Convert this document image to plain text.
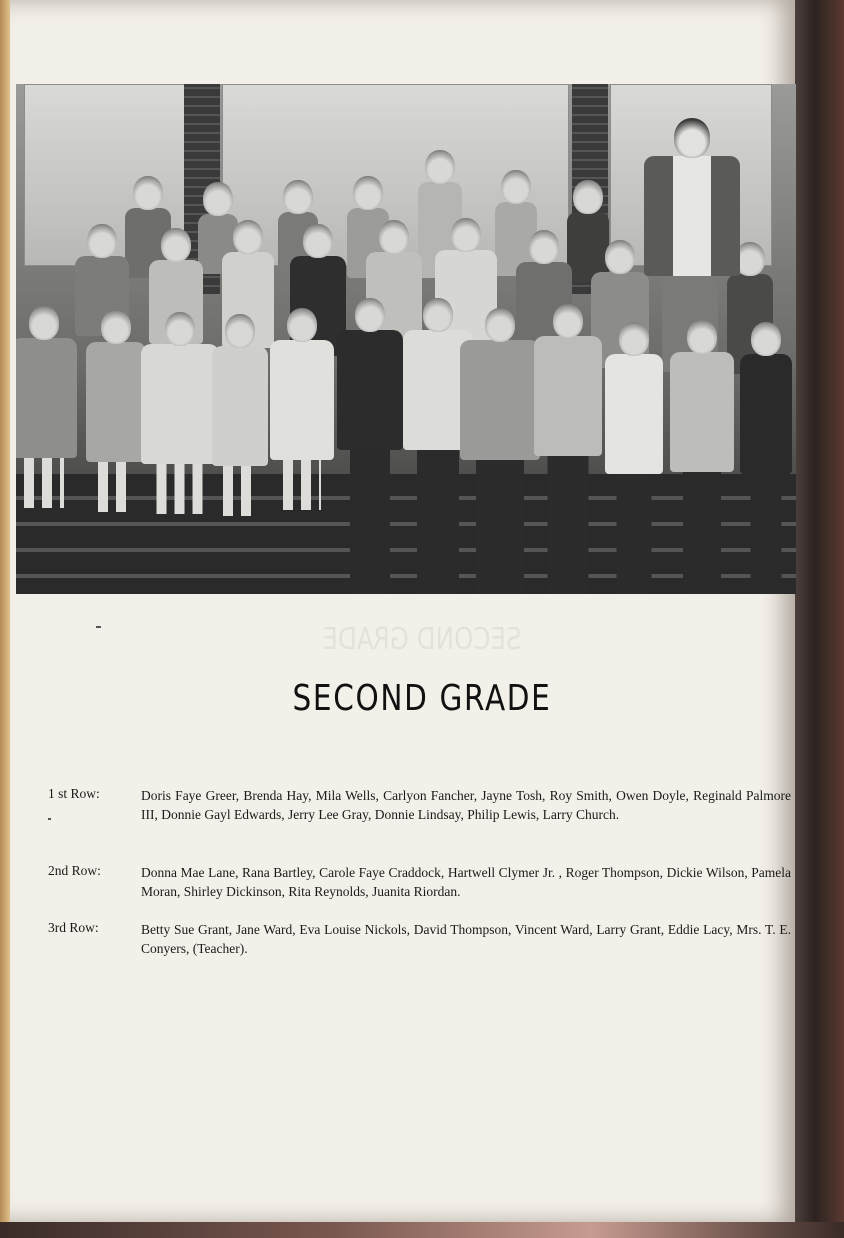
SECOND GRADE
SECOND GRADE
1 st Row:	Doris Faye Greer, Brenda Hay, Mila Wells, Carlyon Fancher, Jayne Tosh, Roy Smith, Owen Doyle, Reginald Palmore III, Donnie Gayl Edwards, Jerry Lee Gray, Donnie Lindsay, Philip Lewis, Larry Church.
2nd Row:	Donna Mae Lane, Rana Bartley, Carole Faye Craddock, Hartwell Clymer Jr. , Roger Thompson, Dickie Wilson, Pamela Moran, Shirley Dickinson, Rita Reynolds, Juanita Riordan.
3rd Row:	Betty Sue Grant, Jane Ward, Eva Louise Nickols, David Thompson, Vincent Ward, Larry Grant, Eddie Lacy, Mrs. T. E. Conyers, (Teacher).
